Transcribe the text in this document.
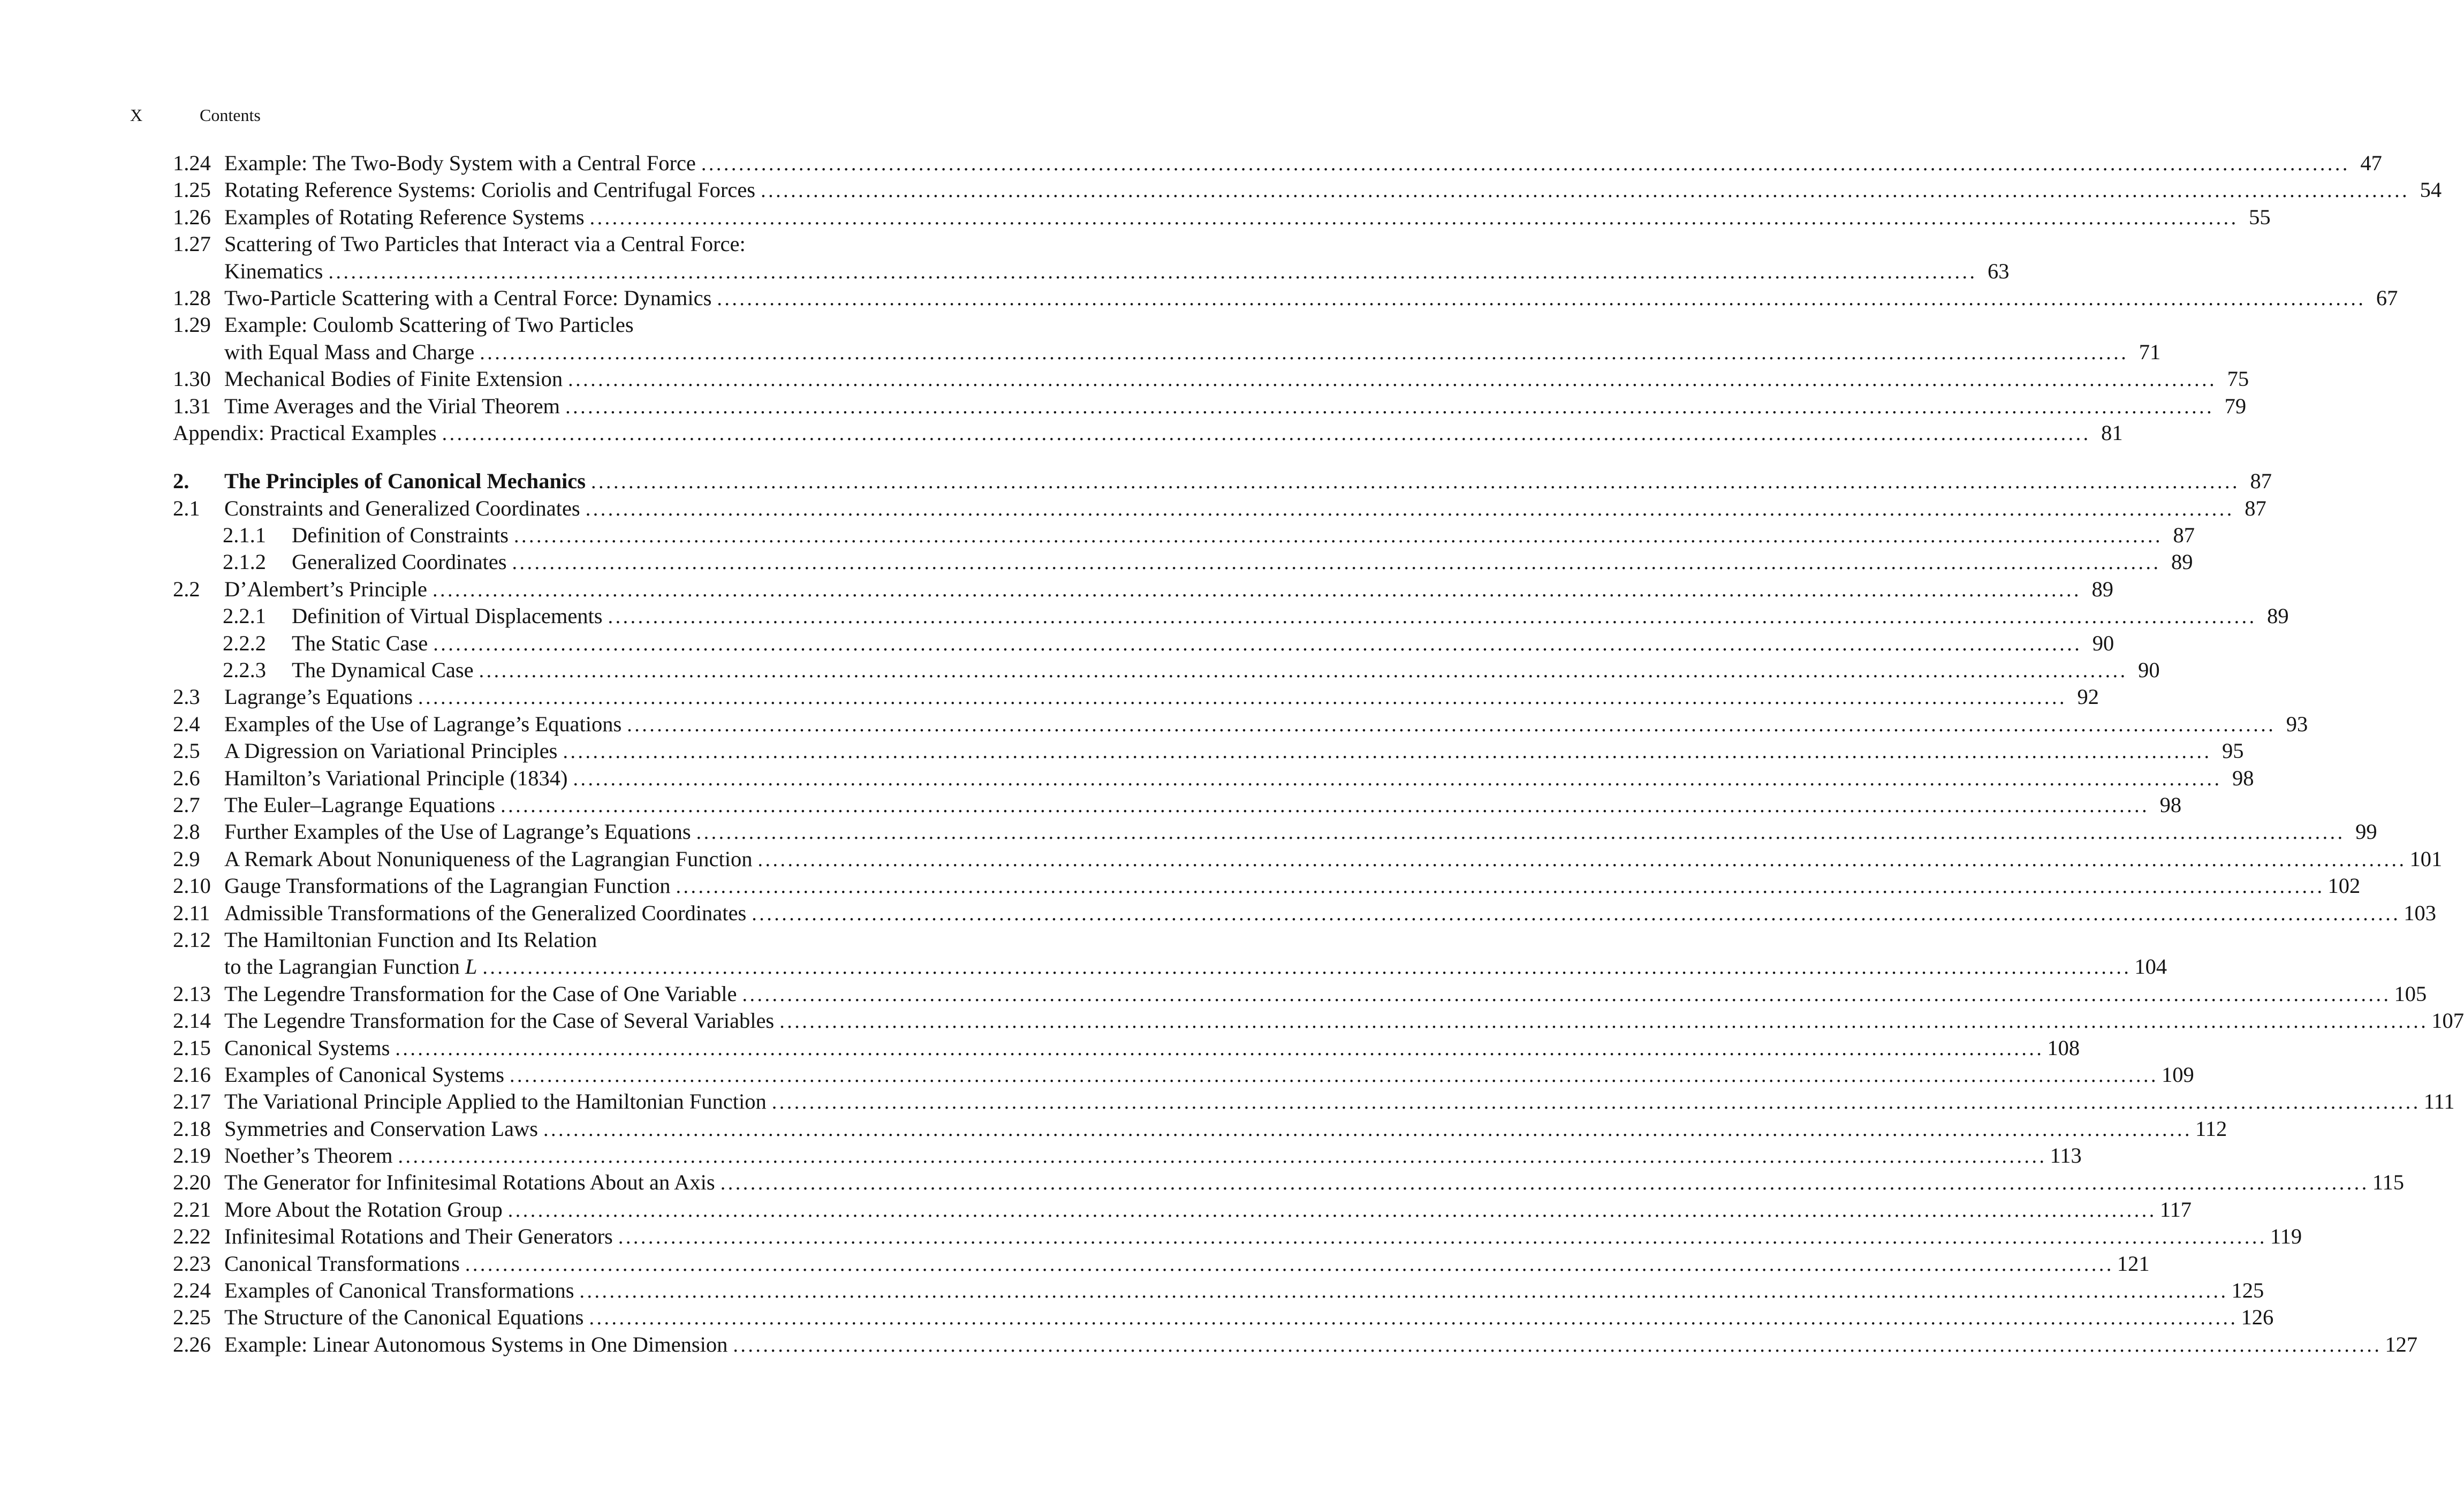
X	Contents
1.24 Example: The Two-Body System with a Central Force ............................................................................................................................................................................................................................ 47
1.25 Rotating Reference Systems: Coriolis and Centrifugal Forces ............................................................................................................................................................................................................................ 54
1.26 Examples of Rotating Reference Systems ............................................................................................................................................................................................................................ 55
1.27 Scattering of Two Particles that Interact via a Central Force:
Kinematics ............................................................................................................................................................................................................................ 63
1.28 Two-Particle Scattering with a Central Force: Dynamics ............................................................................................................................................................................................................................ 67
1.29 Example: Coulomb Scattering of Two Particles
with Equal Mass and Charge ............................................................................................................................................................................................................................ 71
1.30 Mechanical Bodies of Finite Extension ............................................................................................................................................................................................................................ 75
1.31 Time Averages and the Virial Theorem ............................................................................................................................................................................................................................ 79
Appendix: Practical Examples ............................................................................................................................................................................................................................ 81
2. The Principles of Canonical Mechanics ............................................................................................................................................................................................................................ 87
2.1 Constraints and Generalized Coordinates ............................................................................................................................................................................................................................ 87
2.1.1 Definition of Constraints ............................................................................................................................................................................................................................ 87
2.1.2 Generalized Coordinates ............................................................................................................................................................................................................................ 89
2.2 D’Alembert’s Principle ............................................................................................................................................................................................................................ 89
2.2.1 Definition of Virtual Displacements ............................................................................................................................................................................................................................ 89
2.2.2 The Static Case ............................................................................................................................................................................................................................ 90
2.2.3 The Dynamical Case ............................................................................................................................................................................................................................ 90
2.3 Lagrange’s Equations ............................................................................................................................................................................................................................ 92
2.4 Examples of the Use of Lagrange’s Equations ............................................................................................................................................................................................................................ 93
2.5 A Digression on Variational Principles ............................................................................................................................................................................................................................ 95
2.6 Hamilton’s Variational Principle (1834) ............................................................................................................................................................................................................................ 98
2.7 The Euler–Lagrange Equations ............................................................................................................................................................................................................................ 98
2.8 Further Examples of the Use of Lagrange’s Equations ............................................................................................................................................................................................................................ 99
2.9 A Remark About Nonuniqueness of the Lagrangian Function ............................................................................................................................................................................................................................ 101
2.10 Gauge Transformations of the Lagrangian Function ............................................................................................................................................................................................................................ 102
2.11 Admissible Transformations of the Generalized Coordinates ............................................................................................................................................................................................................................ 103
2.12 The Hamiltonian Function and Its Relation
to the Lagrangian Function L ............................................................................................................................................................................................................................ 104
2.13 The Legendre Transformation for the Case of One Variable ............................................................................................................................................................................................................................ 105
2.14 The Legendre Transformation for the Case of Several Variables ............................................................................................................................................................................................................................ 107
2.15 Canonical Systems ............................................................................................................................................................................................................................ 108
2.16 Examples of Canonical Systems ............................................................................................................................................................................................................................ 109
2.17 The Variational Principle Applied to the Hamiltonian Function ............................................................................................................................................................................................................................ 111
2.18 Symmetries and Conservation Laws ............................................................................................................................................................................................................................ 112
2.19 Noether’s Theorem ............................................................................................................................................................................................................................ 113
2.20 The Generator for Infinitesimal Rotations About an Axis ............................................................................................................................................................................................................................ 115
2.21 More About the Rotation Group ............................................................................................................................................................................................................................ 117
2.22 Infinitesimal Rotations and Their Generators ............................................................................................................................................................................................................................ 119
2.23 Canonical Transformations ............................................................................................................................................................................................................................ 121
2.24 Examples of Canonical Transformations ............................................................................................................................................................................................................................ 125
2.25 The Structure of the Canonical Equations ............................................................................................................................................................................................................................ 126
2.26 Example: Linear Autonomous Systems in One Dimension ............................................................................................................................................................................................................................ 127
